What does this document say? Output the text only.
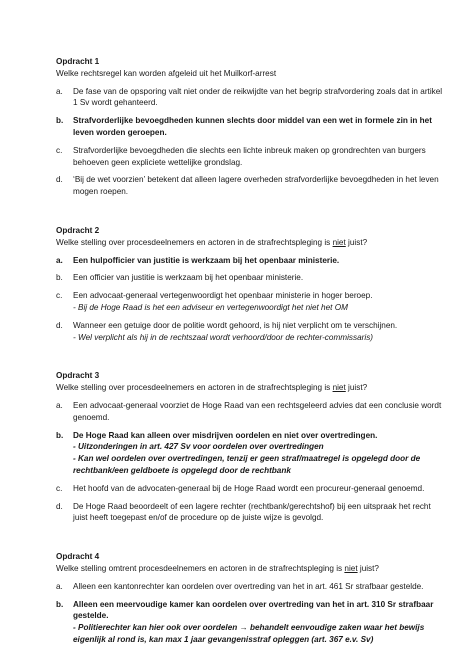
Opdracht 1
Welke rechtsregel kan worden afgeleid uit het Muilkorf-arrest
a. De fase van de opsporing valt niet onder de reikwijdte van het begrip strafvordering zoals dat in artikel 1 Sv wordt gehanteerd.
b. Strafvorderlijke bevoegdheden kunnen slechts door middel van een wet in formele zin in het leven worden geroepen.
c. Strafvorderlijke bevoegdheden die slechts een lichte inbreuk maken op grondrechten van burgers behoeven geen expliciete wettelijke grondslag.
d. ‘Bij de wet voorzien’ betekent dat alleen lagere overheden strafvorderlijke bevoegdheden in het leven mogen roepen.
Opdracht 2
Welke stelling over procesdeelnemers en actoren in de strafrechtspleging is niet juist?
a. Een hulpofficier van justitie is werkzaam bij het openbaar ministerie.
b. Een officier van justitie is werkzaam bij het openbaar ministerie.
c. Een advocaat-generaal vertegenwoordigt het openbaar ministerie in hoger beroep.
- Bij de Hoge Raad is het een adviseur en vertegenwoordigt het niet het OM
d. Wanneer een getuige door de politie wordt gehoord, is hij niet verplicht om te verschijnen.
- Wel verplicht als hij in de rechtszaal wordt verhoord/door de rechter-commissaris)
Opdracht 3
Welke stelling over procesdeelnemers en actoren in de strafrechtspleging is niet juist?
a. Een advocaat-generaal voorziet de Hoge Raad van een rechtsgeleerd advies dat een conclusie wordt genoemd.
b. De Hoge Raad kan alleen over misdrijven oordelen en niet over overtredingen.
- Uitzonderingen in art. 427 Sv voor oordelen over overtredingen
- Kan wel oordelen over overtredingen, tenzij er geen straf/maatregel is opgelegd door de rechtbank/een geldboete is opgelegd door de rechtbank
c. Het hoofd van de advocaten-generaal bij de Hoge Raad wordt een procureur-generaal genoemd.
d. De Hoge Raad beoordeelt of een lagere rechter (rechtbank/gerechtshof) bij een uitspraak het recht juist heeft toegepast en/of de procedure op de juiste wijze is gevolgd.
Opdracht 4
Welke stelling omtrent procesdeelnemers en actoren in de strafrechtspleging is niet juist?
a. Alleen een kantonrechter kan oordelen over overtreding van het in art. 461 Sr strafbaar gestelde.
b. Alleen een meervoudige kamer kan oordelen over overtreding van het in art. 310 Sr strafbaar gestelde.
- Politierechter kan hier ook over oordelen → behandelt eenvoudige zaken waar het bewijs eigenlijk al rond is, kan max 1 jaar gevangenisstraf opleggen (art. 367 e.v. Sv)
